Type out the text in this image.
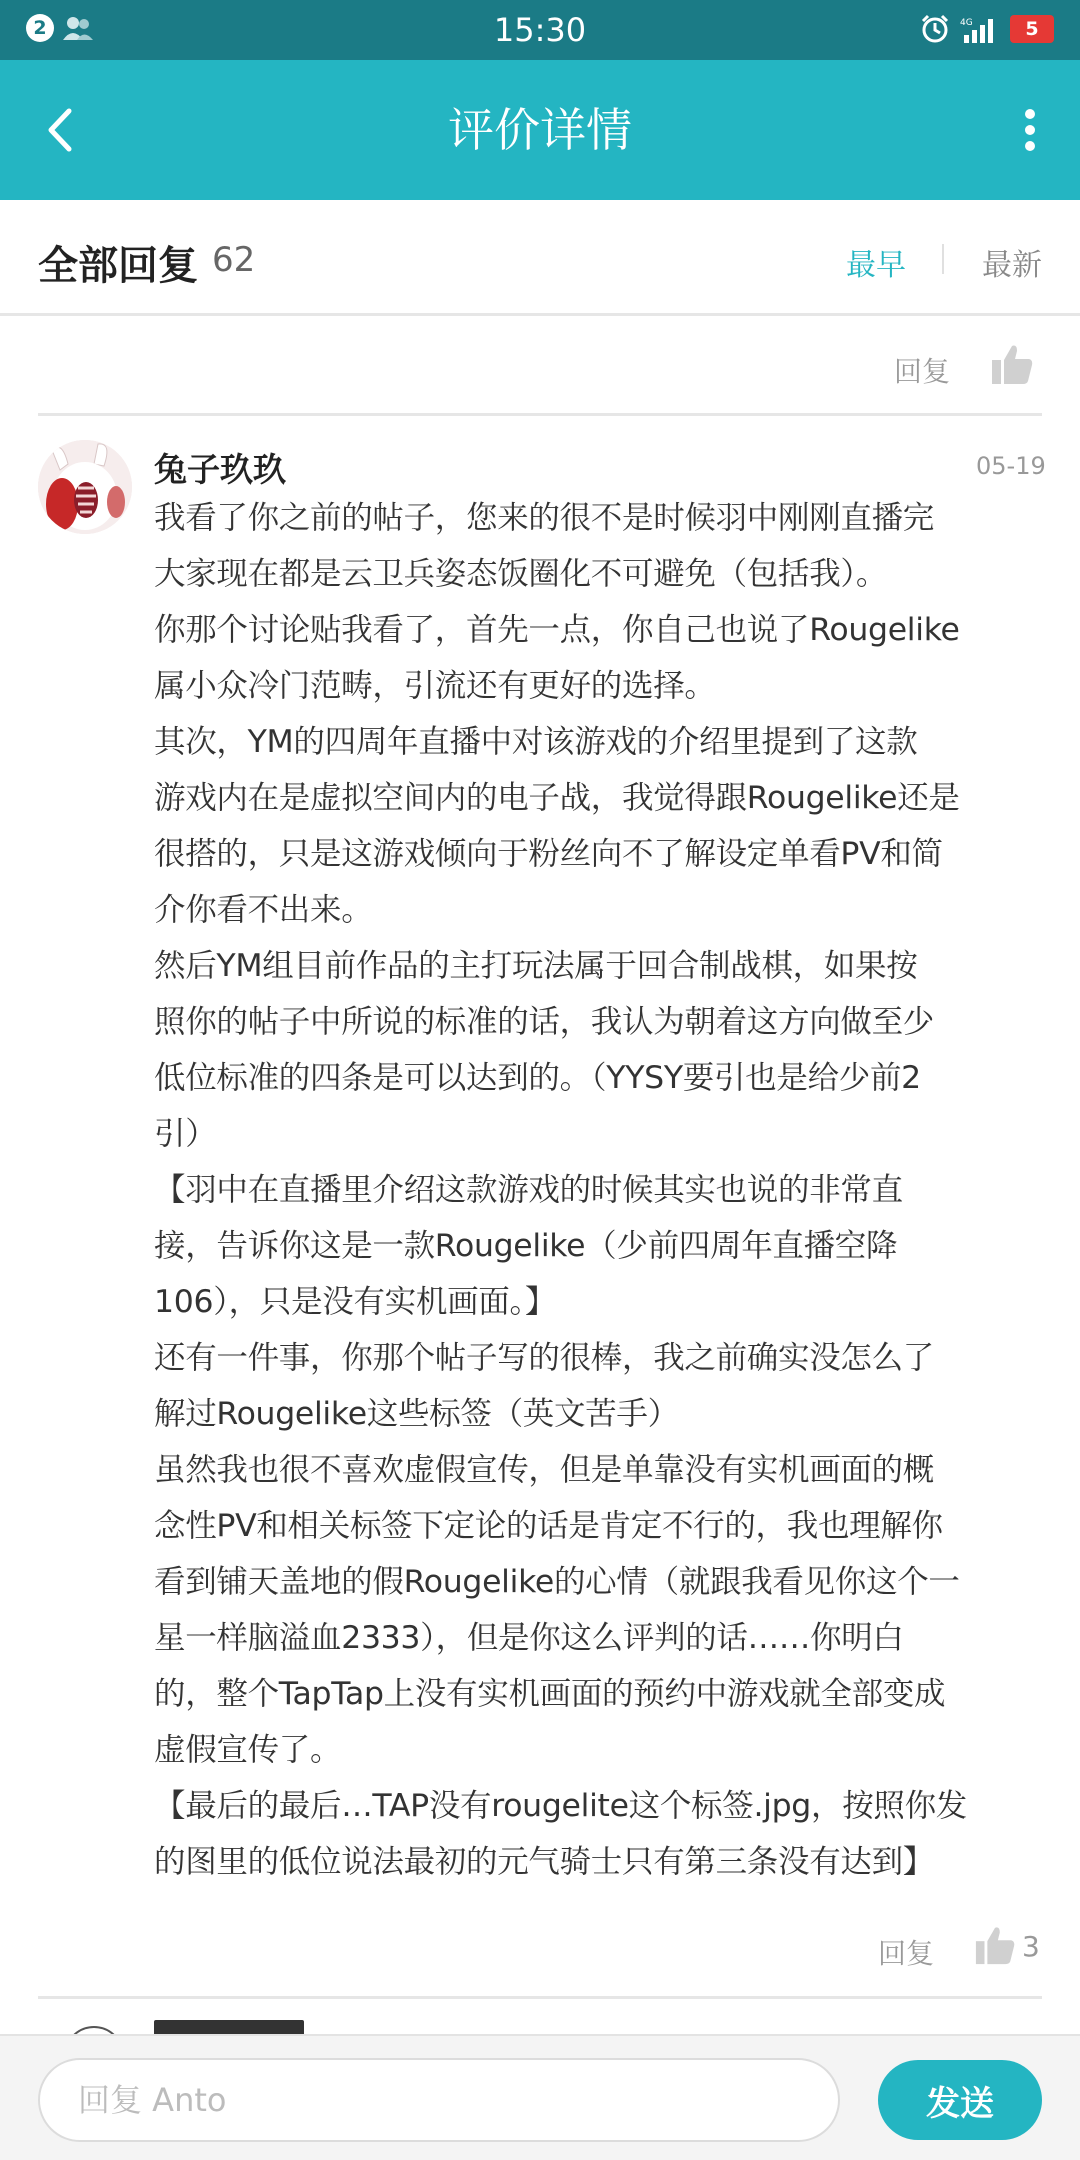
2	15:30	4G	5
评价详情
全部回复 62	最早	最新
回复
兔子玖玖	05-19
我看了你之前的帖子，您来的很不是时候羽中刚刚直播完
大家现在都是云卫兵姿态饭圈化不可避免（包括我）。
你那个讨论贴我看了，首先一点，你自己也说了Rougelike
属小众冷门范畴，引流还有更好的选择。
其次，YM的四周年直播中对该游戏的介绍里提到了这款
游戏内在是虚拟空间内的电子战，我觉得跟Rougelike还是
很搭的，只是这游戏倾向于粉丝向不了解设定单看PV和简
介你看不出来。
然后YM组目前作品的主打玩法属于回合制战棋，如果按
照你的帖子中所说的标准的话，我认为朝着这方向做至少
低位标准的四条是可以达到的。（YYSY要引也是给少前2
引）
【羽中在直播里介绍这款游戏的时候其实也说的非常直
接，告诉你这是一款Rougelike（少前四周年直播空降
106），只是没有实机画面。】
还有一件事，你那个帖子写的很棒，我之前确实没怎么了
解过Rougelike这些标签（英文苦手）
虽然我也很不喜欢虚假宣传，但是单靠没有实机画面的概
念性PV和相关标签下定论的话是肯定不行的，我也理解你
看到铺天盖地的假Rougelike的心情（就跟我看见你这个一
星一样脑溢血2333），但是你这么评判的话……你明白
的，整个TapTap上没有实机画面的预约中游戏就全部变成
虚假宣传了。
【最后的最后…TAP没有rougelite这个标签.jpg，按照你发
的图里的低位说法最初的元气骑士只有第三条没有达到】
回复	3
回复 Anto
发送
